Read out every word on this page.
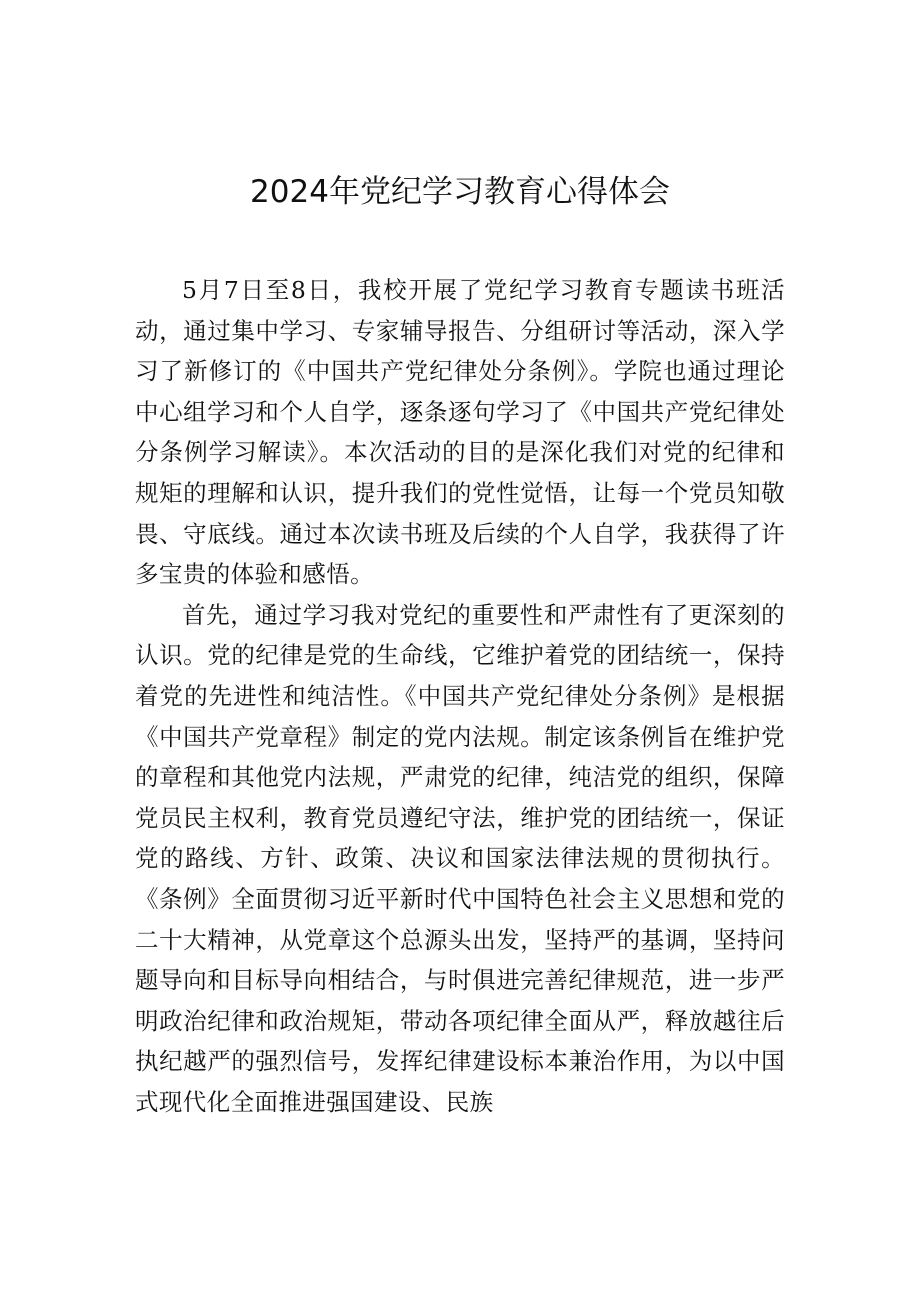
2024年党纪学习教育心得体会

5月7日至8日，我校开展了党纪学习教育专题读书班活动，通过集中学习、专家辅导报告、分组研讨等活动，深入学习了新修订的《中国共产党纪律处分条例》。学院也通过理论中心组学习和个人自学，逐条逐句学习了《中国共产党纪律处分条例学习解读》。本次活动的目的是深化我们对党的纪律和规矩的理解和认识，提升我们的党性觉悟，让每一个党员知敬畏、守底线。通过本次读书班及后续的个人自学，我获得了许多宝贵的体验和感悟。

首先，通过学习我对党纪的重要性和严肃性有了更深刻的认识。党的纪律是党的生命线，它维护着党的团结统一，保持着党的先进性和纯洁性。《中国共产党纪律处分条例》是根据《中国共产党章程》制定的党内法规。制定该条例旨在维护党的章程和其他党内法规，严肃党的纪律，纯洁党的组织，保障党员民主权利，教育党员遵纪守法，维护党的团结统一，保证党的路线、方针、政策、决议和国家法律法规的贯彻执行。《条例》全面贯彻习近平新时代中国特色社会主义思想和党的二十大精神，从党章这个总源头出发，坚持严的基调，坚持问题导向和目标导向相结合，与时俱进完善纪律规范，进一步严明政治纪律和政治规矩，带动各项纪律全面从严，释放越往后执纪越严的强烈信号，发挥纪律建设标本兼治作用，为以中国式现代化全面推进强国建设、民族
